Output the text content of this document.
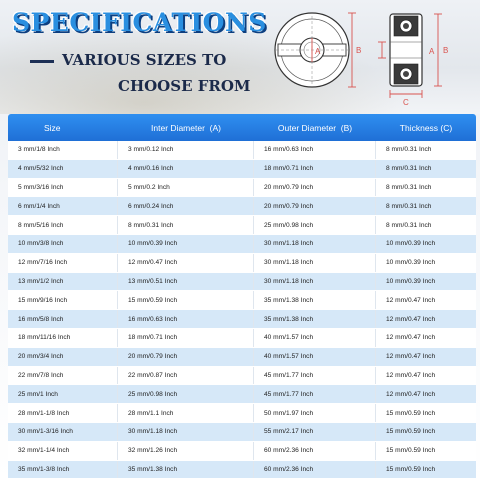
SPECIFICATIONS
VARIOUS SIZES TO
CHOOSE FROM
A	B	A B
C
Size	Inter Diameter  (A)	Outer Diameter  (B)	Thickness (C)
3 mm/1/8 Inch	3 mm/0.12 Inch	16 mm/0.63 Inch	8 mm/0.31 Inch
4 mm/5/32 Inch	4 mm/0.16 Inch	18 mm/0.71 Inch	8 mm/0.31 Inch
5 mm/3/16 Inch	5 mm/0.2 Inch	20 mm/0.79 Inch	8 mm/0.31 Inch
6 mm/1/4 Inch	6 mm/0.24 Inch	20 mm/0.79 Inch	8 mm/0.31 Inch
8 mm/5/16 Inch	8 mm/0.31 Inch	25 mm/0.98 Inch	8 mm/0.31 Inch
10 mm/3/8 Inch	10 mm/0.39 Inch	30 mm/1.18 Inch	10 mm/0.39 Inch
12 mm/7/16 Inch	12 mm/0.47 Inch	30 mm/1.18 Inch	10 mm/0.39 Inch
13 mm/1/2 Inch	13 mm/0.51 Inch	30 mm/1.18 Inch	10 mm/0.39 Inch
15 mm/9/16 Inch	15 mm/0.59 Inch	35 mm/1.38 Inch	12 mm/0.47 Inch
16 mm/5/8 Inch	16 mm/0.63 Inch	35 mm/1.38 Inch	12 mm/0.47 Inch
18 mm/11/16 Inch	18 mm/0.71 Inch	40 mm/1.57 Inch	12 mm/0.47 Inch
20 mm/3/4 Inch	20 mm/0.79 Inch	40 mm/1.57 Inch	12 mm/0.47 Inch
22 mm/7/8 Inch	22 mm/0.87 Inch	45 mm/1.77 Inch	12 mm/0.47 Inch
25 mm/1 Inch	25 mm/0.98 Inch	45 mm/1.77 Inch	12 mm/0.47 Inch
28 mm/1-1/8 Inch	28 mm/1.1 Inch	50 mm/1.97 Inch	15 mm/0.59 Inch
30 mm/1-3/16 Inch	30 mm/1.18 Inch	55 mm/2.17 Inch	15 mm/0.59 Inch
32 mm/1-1/4 Inch	32 mm/1.26 Inch	60 mm/2.36 Inch	15 mm/0.59 Inch
35 mm/1-3/8 Inch	35 mm/1.38 Inch	60 mm/2.36 Inch	15 mm/0.59 Inch
